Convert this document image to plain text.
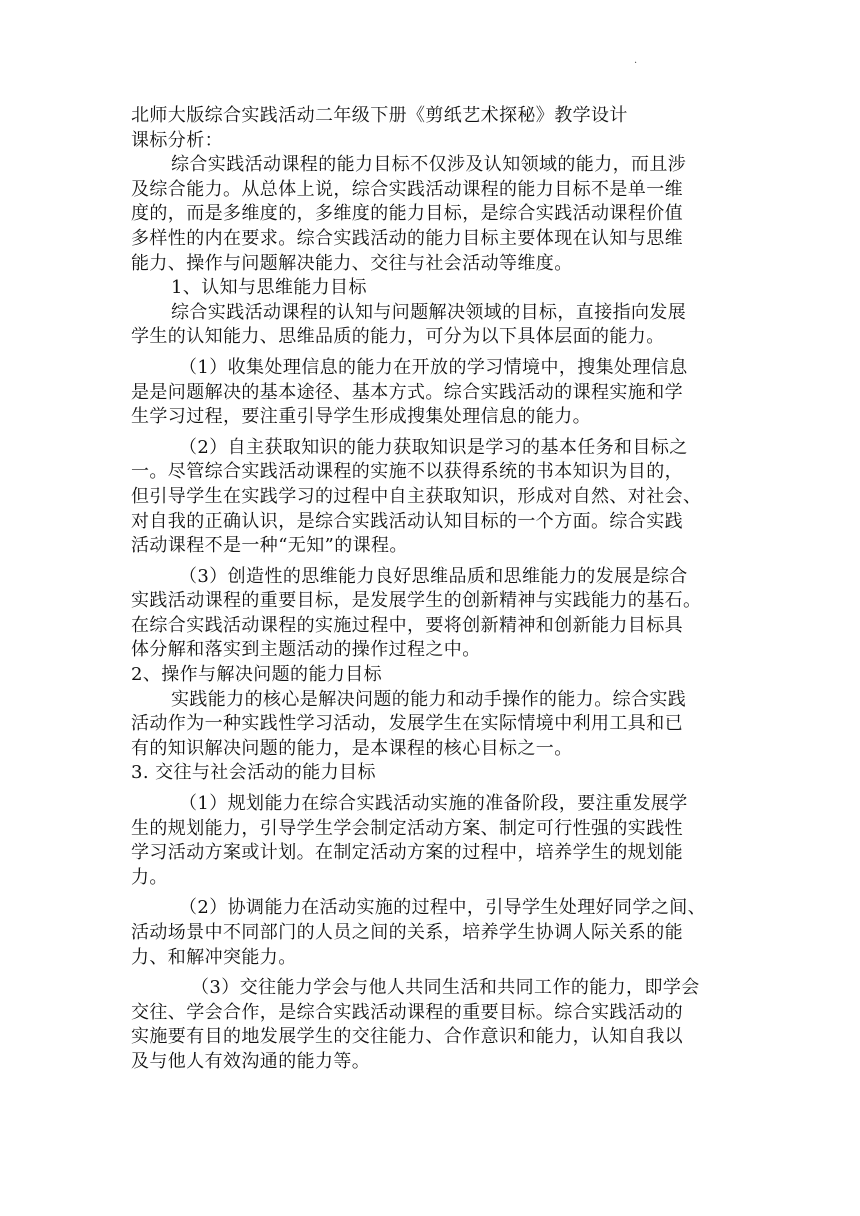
·
北师大版综合实践活动二年级下册《剪纸艺术探秘》教学设计
课标分析：
综合实践活动课程的能力目标不仅涉及认知领域的能力，而且涉
及综合能力。从总体上说，综合实践活动课程的能力目标不是单一维
度的，而是多维度的，多维度的能力目标，是综合实践活动课程价值
多样性的内在要求。综合实践活动的能力目标主要体现在认知与思维
能力、操作与问题解决能力、交往与社会活动等维度。
1、认知与思维能力目标
综合实践活动课程的认知与问题解决领域的目标，直接指向发展
学生的认知能力、思维品质的能力，可分为以下具体层面的能力。
（1）收集处理信息的能力在开放的学习情境中，搜集处理信息
是是问题解决的基本途径、基本方式。综合实践活动的课程实施和学
生学习过程，要注重引导学生形成搜集处理信息的能力。
（2）自主获取知识的能力获取知识是学习的基本任务和目标之
一。尽管综合实践活动课程的实施不以获得系统的书本知识为目的，
但引导学生在实践学习的过程中自主获取知识，形成对自然、对社会、
对自我的正确认识，是综合实践活动认知目标的一个方面。综合实践
活动课程不是一种“无知”的课程。
（3）创造性的思维能力良好思维品质和思维能力的发展是综合
实践活动课程的重要目标，是发展学生的创新精神与实践能力的基石。
在综合实践活动课程的实施过程中，要将创新精神和创新能力目标具
体分解和落实到主题活动的操作过程之中。
2、操作与解决问题的能力目标
实践能力的核心是解决问题的能力和动手操作的能力。综合实践
活动作为一种实践性学习活动，发展学生在实际情境中利用工具和已
有的知识解决问题的能力，是本课程的核心目标之一。
3. 交往与社会活动的能力目标
（1）规划能力在综合实践活动实施的准备阶段，要注重发展学
生的规划能力，引导学生学会制定活动方案、制定可行性强的实践性
学习活动方案或计划。在制定活动方案的过程中，培养学生的规划能
力。
（2）协调能力在活动实施的过程中，引导学生处理好同学之间、
活动场景中不同部门的人员之间的关系，培养学生协调人际关系的能
力、和解冲突能力。
（3）交往能力学会与他人共同生活和共同工作的能力，即学会
交往、学会合作，是综合实践活动课程的重要目标。综合实践活动的
实施要有目的地发展学生的交往能力、合作意识和能力，认知自我以
及与他人有效沟通的能力等。
